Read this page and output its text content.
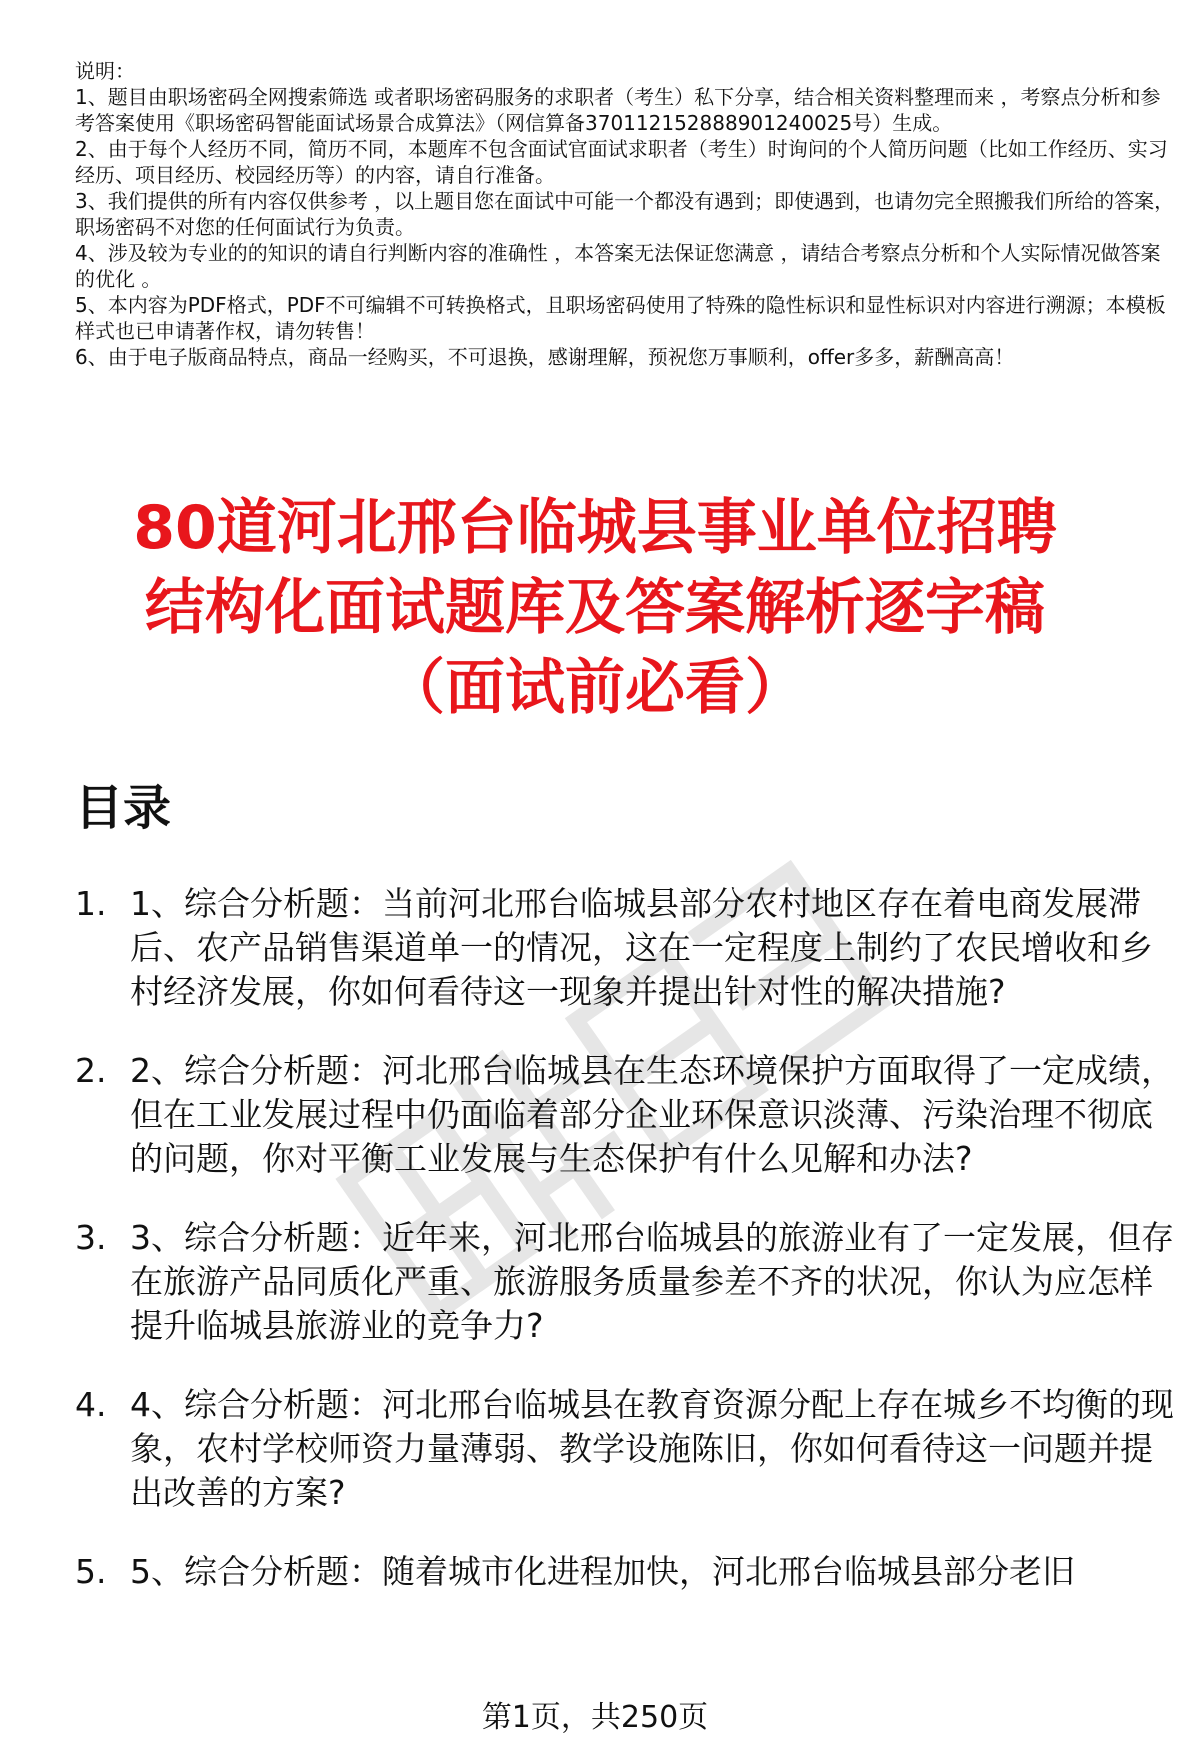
说明：

1、题目由职场密码全网搜索筛选 或者职场密码服务的求职者（考生）私下分享，结合相关资料整理而来 ，考察点分析和参考答案使用《职场密码智能面试场景合成算法》（网信算备370112152888901240025号）生成。

2、由于每个人经历不同，简历不同，本题库不包含面试官面试求职者（考生）时询问的个人简历问题（比如工作经历、实习经历、项目经历、校园经历等）的内容，请自行准备。

3、我们提供的所有内容仅供参考 ，以上题目您在面试中可能一个都没有遇到；即使遇到，也请勿完全照搬我们所给的答案，职场密码不对您的任何面试行为负责。

4、涉及较为专业的的知识的请自行判断内容的准确性 ，本答案无法保证您满意 ，请结合考察点分析和个人实际情况做答案的优化 。

5、本内容为PDF格式，PDF不可编辑不可转换格式，且职场密码使用了特殊的隐性标识和显性标识对内容进行溯源；本模板样式也已申请著作权，请勿转售！

6、由于电子版商品特点，商品一经购买，不可退换，感谢理解，预祝您万事顺利，offer多多，薪酬高高！

80道河北邢台临城县事业单位招聘
结构化面试题库及答案解析逐字稿
（面试前必看）
目录
1. 1、综合分析题：当前河北邢台临城县部分农村地区存在着电商发展滞后、农产品销售渠道单一的情况，这在一定程度上制约了农民增收和乡村经济发展，你如何看待这一现象并提出针对性的解决措施?
2. 2、综合分析题：河北邢台临城县在生态环境保护方面取得了一定成绩，但在工业发展过程中仍面临着部分企业环保意识淡薄、污染治理不彻底的问题，你对平衡工业发展与生态保护有什么见解和办法?
3. 3、综合分析题：近年来，河北邢台临城县的旅游业有了一定发展，但存在旅游产品同质化严重、旅游服务质量参差不齐的状况，你认为应怎样提升临城县旅游业的竞争力?
4. 4、综合分析题：河北邢台临城县在教育资源分配上存在城乡不均衡的现象，农村学校师资力量薄弱、教学设施陈旧，你如何看待这一问题并提出改善的方案?
5. 5、综合分析题：随着城市化进程加快，河北邢台临城县部分老旧
第1页，共250页
